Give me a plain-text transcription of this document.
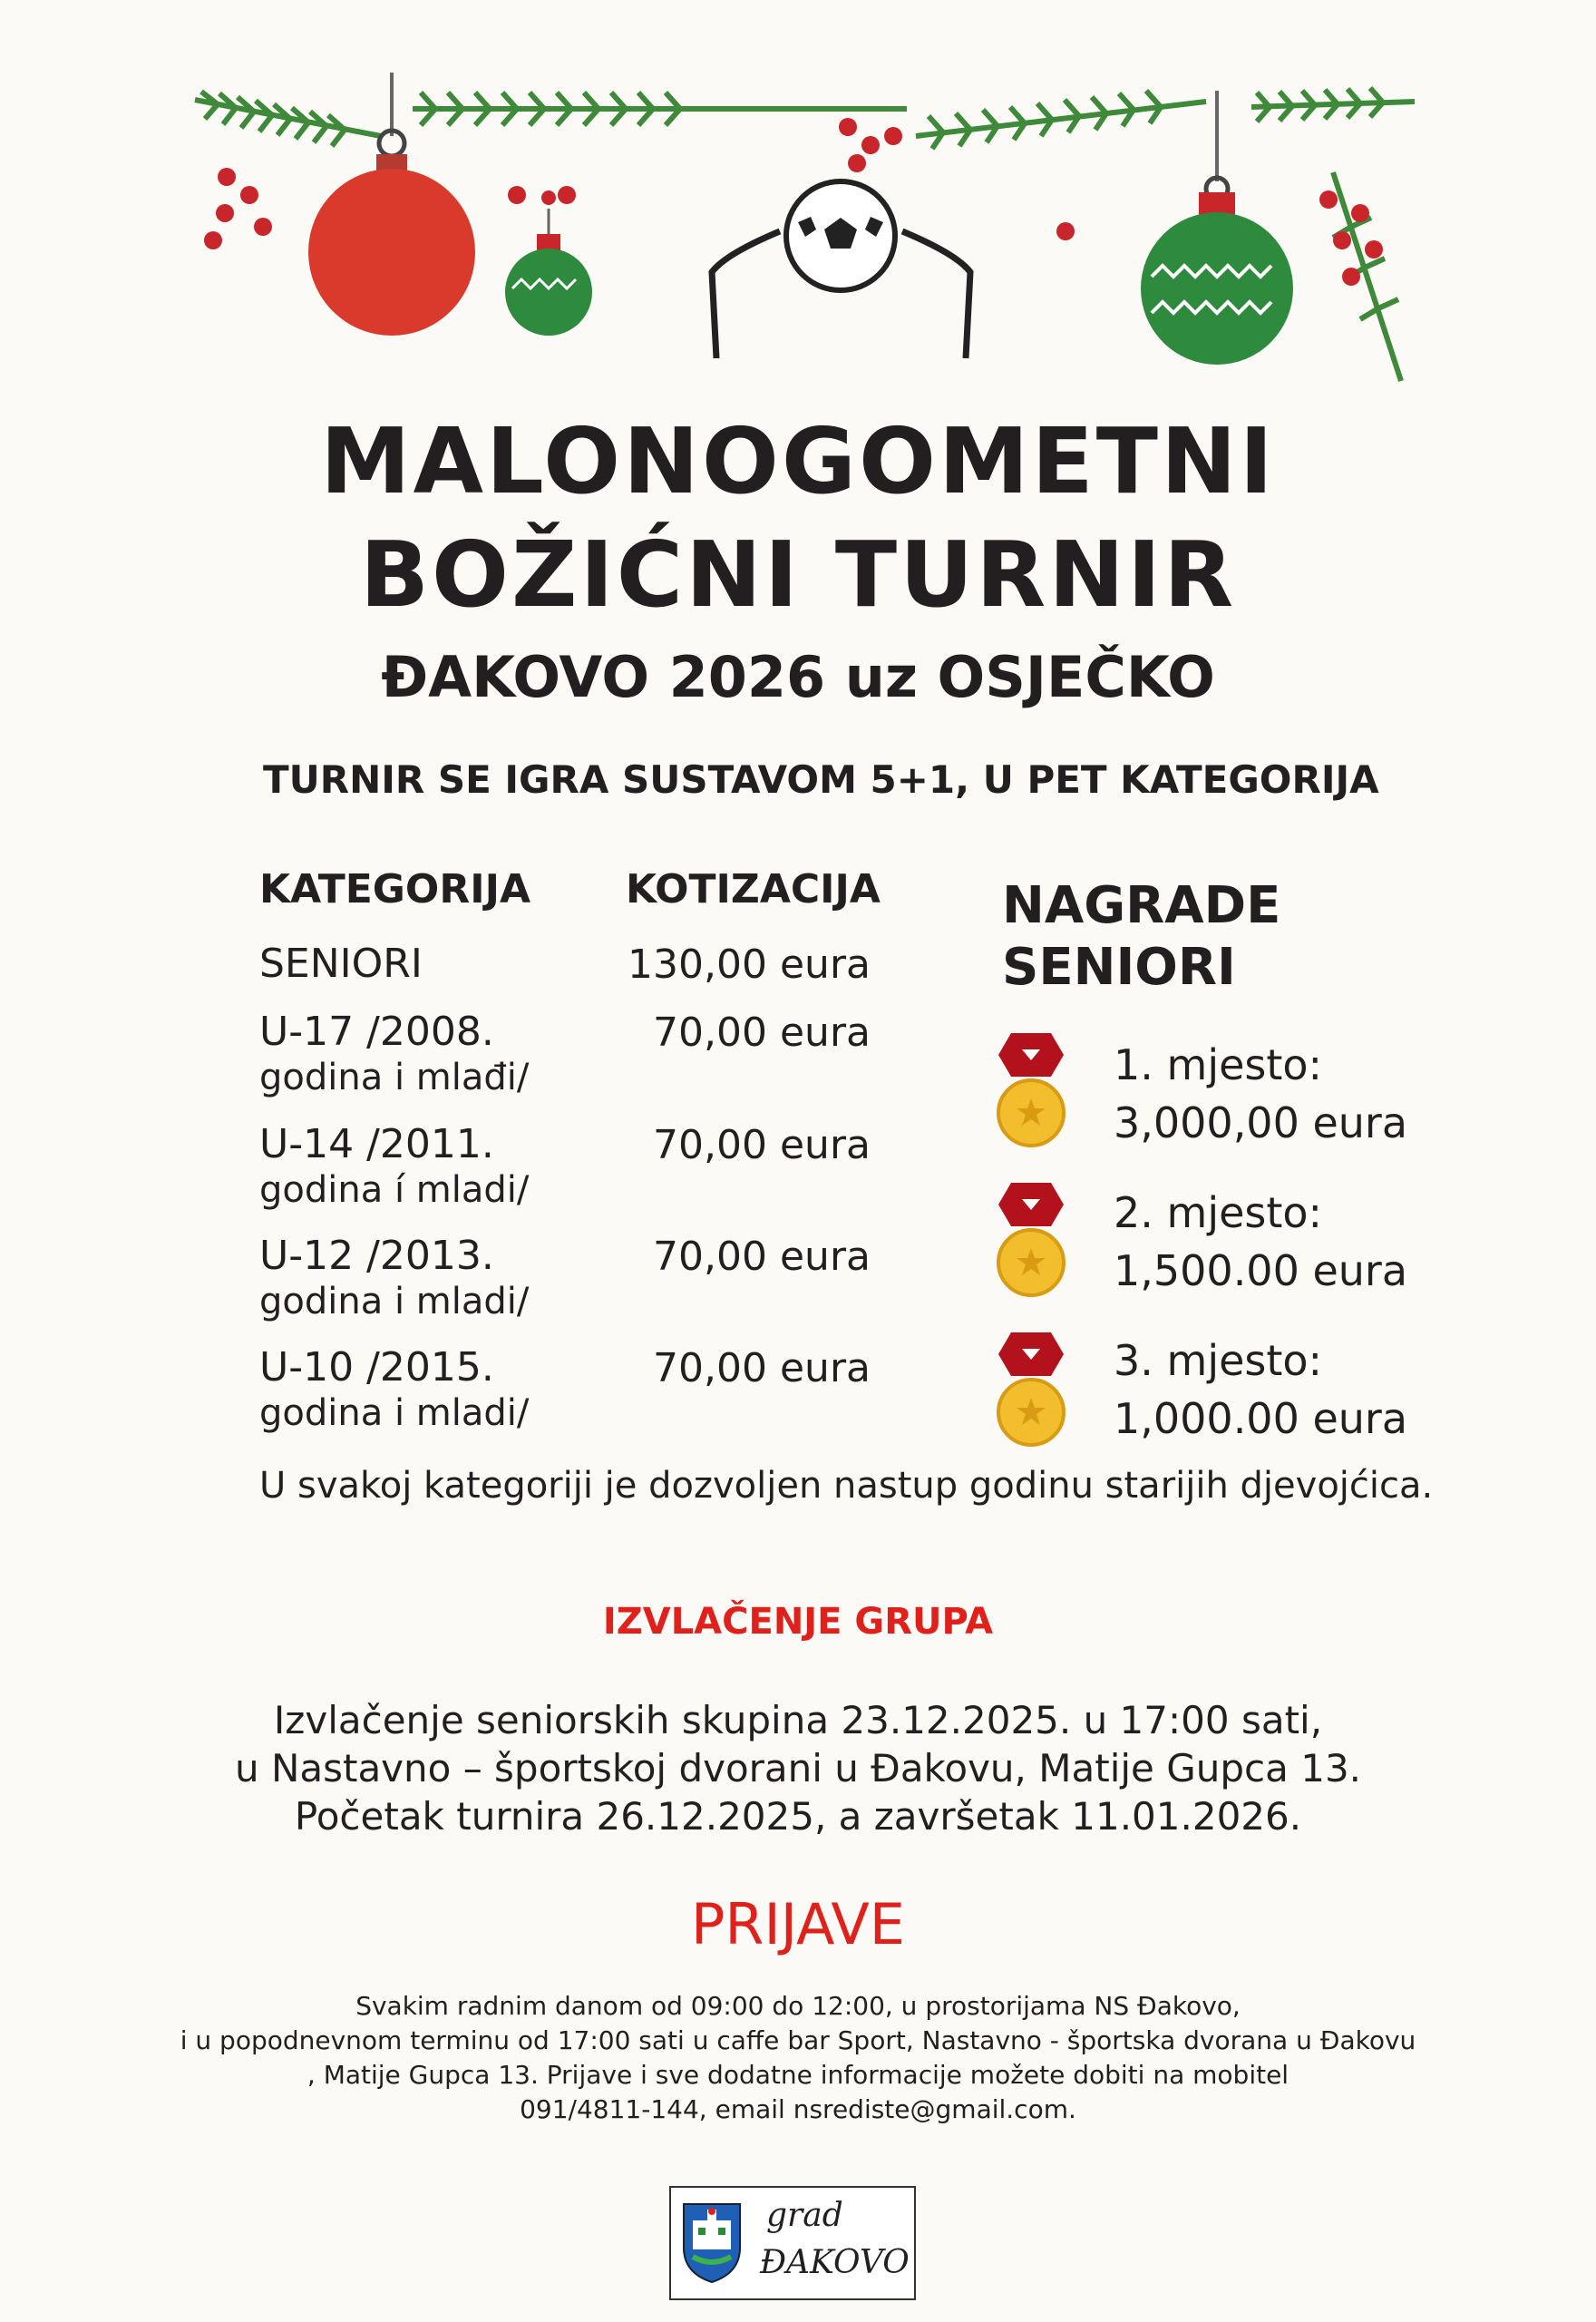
MALONOGOMETNI
BOŽIĆNI TURNIR
ĐAKOVO 2026 uz OSJEČKO
TURNIR SE IGRA SUSTAVOM 5+1, U PET KATEGORIJA
KATEGORIJA KOTIZACIJA
SENIORI	130,00 eura
U-17 /2008.
godina i mlađi/
70,00 eura
U-14 /2011.
godina í mladi/
70,00 eura
U-12 /2013.
godina i mladi/
70,00 eura
U-10 /2015.
godina i mladi/
70,00 eura
NAGRADE
SENIORI
1. mjesto:
3,000,00 eura
2. mjesto:
1,500.00 eura
3. mjesto:
1,000.00 eura
U svakoj kategoriji je dozvoljen nastup godinu starijih djevojćica.
IZVLAČENJE GRUPA
Izvlačenje seniorskih skupina 23.12.2025. u 17:00 sati,
u Nastavno – športskoj dvorani u Đakovu, Matije Gupca 13.
Početak turnira 26.12.2025, a završetak 11.01.2026.
PRIJAVE
Svakim radnim danom od 09:00 do 12:00, u prostorijama NS Đakovo,
i u popodnevnom terminu od 17:00 sati u caffe bar Sport, Nastavno - športska dvorana u Đakovu
, Matije Gupca 13. Prijave i sve dodatne informacije možete dobiti na mobitel
091/4811-144, email nsrediste@gmail.com.
grad
ĐAKOVO
